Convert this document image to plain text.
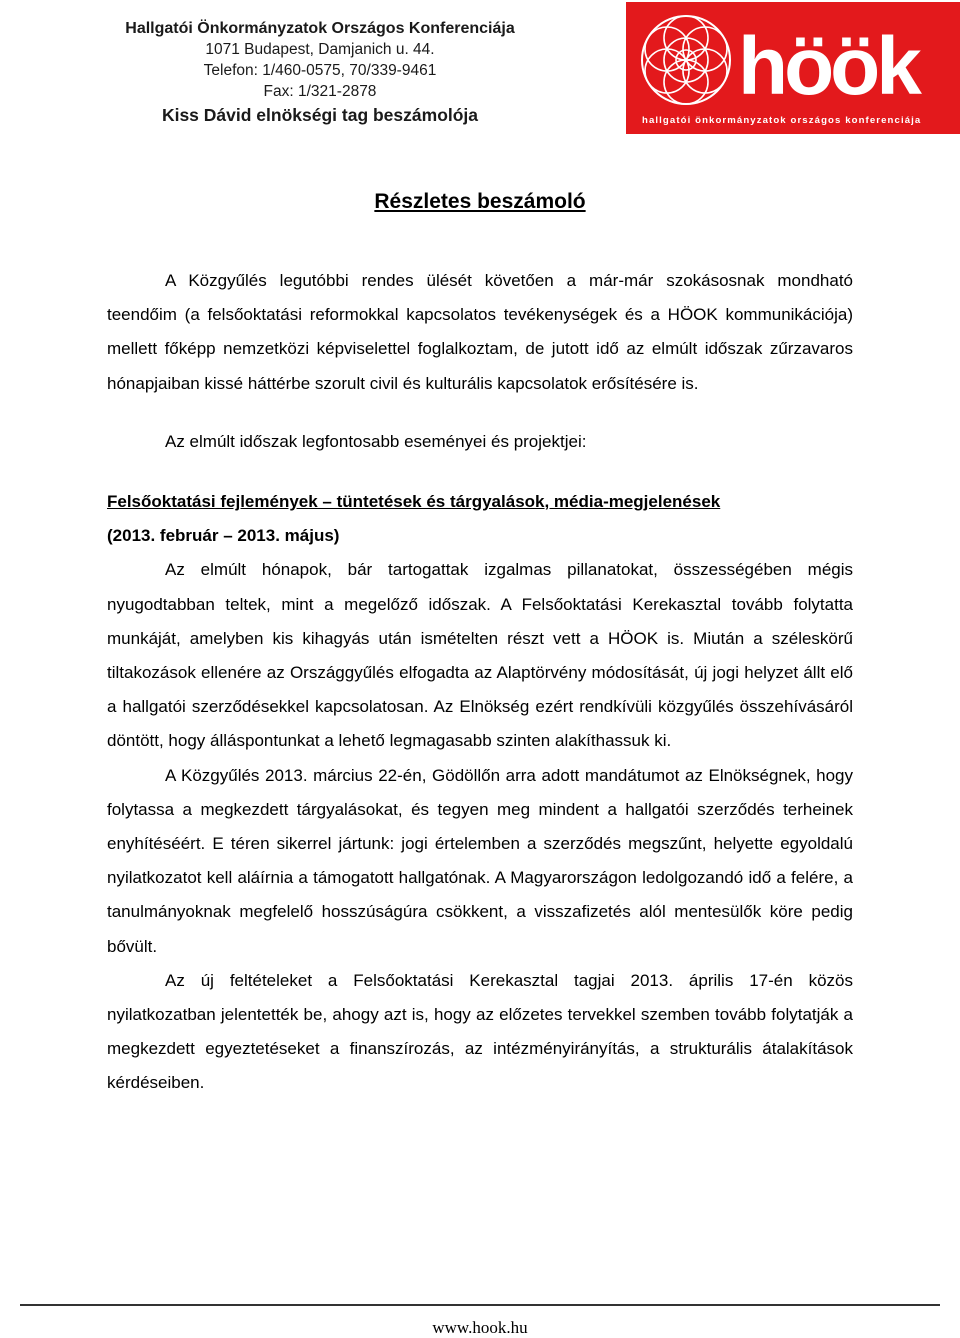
Hallgatói Önkormányzatok Országos Konferenciája
1071 Budapest, Damjanich u. 44.
Telefon: 1/460-0575, 70/339-9461
Fax: 1/321-2878
Kiss Dávid elnökségi tag beszámolója
höök
hallgatói önkormányzatok országos konferenciája
Részletes beszámoló

A Közgyűlés legutóbbi rendes ülését követően a már-már szokásosnak mondható teendőim (a felsőoktatási reformokkal kapcsolatos tevékenységek és a HÖOK kommunikációja) mellett főképp nemzetközi képviselettel foglalkoztam, de jutott idő az elmúlt időszak zűrzavaros hónapjaiban kissé háttérbe szorult civil és kulturális kapcsolatok erősítésére is.

Az elmúlt időszak legfontosabb eseményei és projektjei:

Felsőoktatási fejlemények – tüntetések és tárgyalások, média-megjelenések
(2013. február – 2013. május)

Az elmúlt hónapok, bár tartogattak izgalmas pillanatokat, összességében mégis nyugodtabban teltek, mint a megelőző időszak. A Felsőoktatási Kerekasztal tovább folytatta munkáját, amelyben kis kihagyás után ismételten részt vett a HÖOK is. Miután a széleskörű tiltakozások ellenére az Országgyűlés elfogadta az Alaptörvény módosítását, új jogi helyzet állt elő a hallgatói szerződésekkel kapcsolatosan. Az Elnökség ezért rendkívüli közgyűlés összehívásáról döntött, hogy álláspontunkat a lehető legmagasabb szinten alakíthassuk ki.

A Közgyűlés 2013. március 22-én, Gödöllőn arra adott mandátumot az Elnökségnek, hogy folytassa a megkezdett tárgyalásokat, és tegyen meg mindent a hallgatói szerződés terheinek enyhítéséért. E téren sikerrel jártunk: jogi értelemben a szerződés megszűnt, helyette egyoldalú nyilatkozatot kell aláírnia a támogatott hallgatónak. A Magyarországon ledolgozandó idő a felére, a tanulmányoknak megfelelő hosszúságúra csökkent, a visszafizetés alól mentesülők köre pedig bővült.

Az új feltételeket a Felsőoktatási Kerekasztal tagjai 2013. április 17-én közös nyilatkozatban jelentették be, ahogy azt is, hogy az előzetes tervekkel szemben tovább folytatják a megkezdett egyeztetéseket a finanszírozás, az intézményirányítás, a strukturális átalakítások kérdéseiben.

www.hook.hu
